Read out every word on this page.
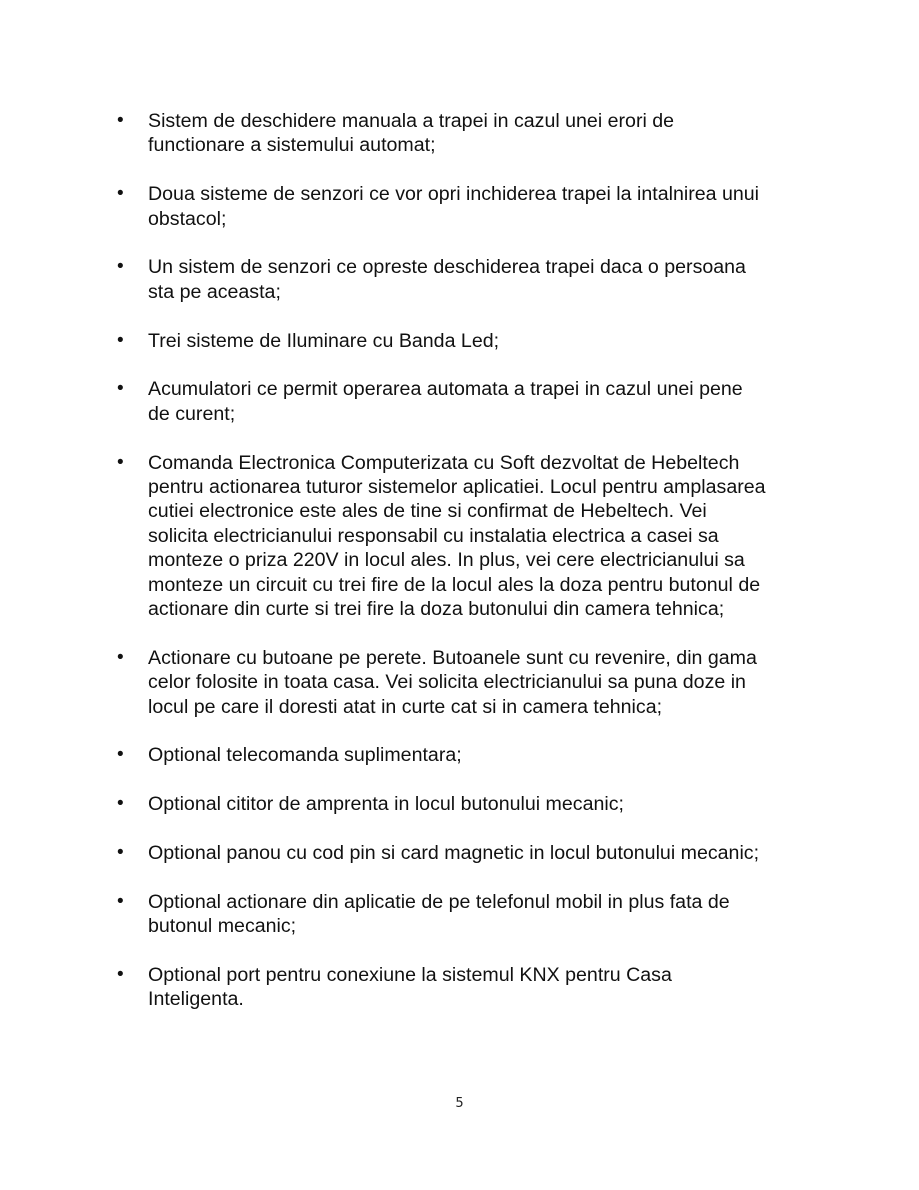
• Sistem de deschidere manuala a trapei in cazul unei erori de
functionare a sistemului automat;
• Doua sisteme de senzori ce vor opri inchiderea trapei la intalnirea unui
obstacol;
• Un sistem de senzori ce opreste deschiderea trapei daca o persoana
sta pe aceasta;
• Trei sisteme de Iluminare cu Banda Led;
• Acumulatori ce permit operarea automata a trapei in cazul unei pene
de curent;
• Comanda Electronica Computerizata cu Soft dezvoltat de Hebeltech
pentru actionarea tuturor sistemelor aplicatiei. Locul pentru amplasarea
cutiei electronice este ales de tine si confirmat de Hebeltech. Vei
solicita electricianului responsabil cu instalatia electrica a casei sa
monteze o priza 220V in locul ales. In plus, vei cere electricianului sa
monteze un circuit cu trei fire de la locul ales la doza pentru butonul de
actionare din curte si trei fire la doza butonului din camera tehnica;
• Actionare cu butoane pe perete. Butoanele sunt cu revenire, din gama
celor folosite in toata casa. Vei solicita electricianului sa puna doze in
locul pe care il doresti atat in curte cat si in camera tehnica;
• Optional telecomanda suplimentara;
• Optional cititor de amprenta in locul butonului mecanic;
• Optional panou cu cod pin si card magnetic in locul butonului mecanic;
• Optional actionare din aplicatie de pe telefonul mobil in plus fata de
butonul mecanic;
• Optional port pentru conexiune la sistemul KNX pentru Casa
Inteligenta.
5
